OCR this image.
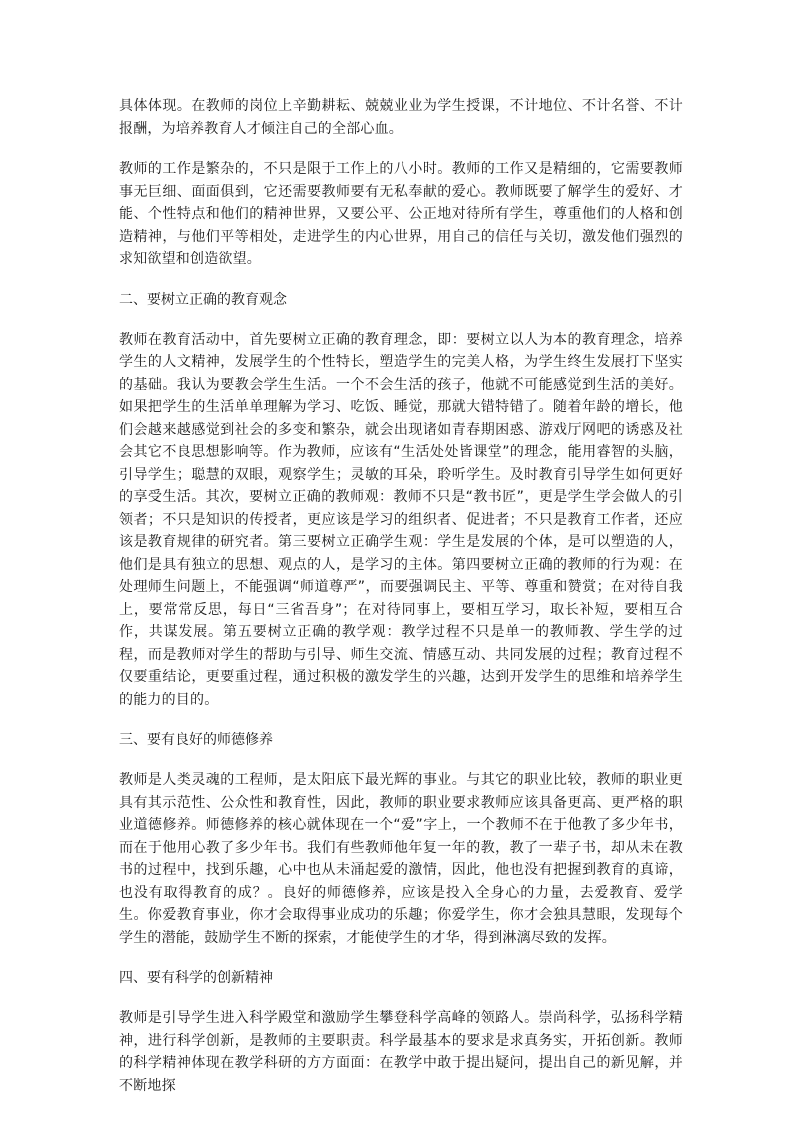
具体体现。在教师的岗位上辛勤耕耘、兢兢业业为学生授课，不计地位、不计名誉、不计报酬，为培养教育人才倾注自己的全部心血。

教师的工作是繁杂的，不只是限于工作上的八小时。教师的工作又是精细的，它需要教师事无巨细、面面俱到，它还需要教师要有无私奉献的爱心。教师既要了解学生的爱好、才能、个性特点和他们的精神世界，又要公平、公正地对待所有学生，尊重他们的人格和创造精神，与他们平等相处，走进学生的内心世界，用自己的信任与关切，激发他们强烈的求知欲望和创造欲望。

二、要树立正确的教育观念

教师在教育活动中，首先要树立正确的教育理念，即：要树立以人为本的教育理念，培养学生的人文精神，发展学生的个性特长，塑造学生的完美人格，为学生终生发展打下坚实的基础。我认为要教会学生生活。一个不会生活的孩子，他就不可能感觉到生活的美好。如果把学生的生活单单理解为学习、吃饭、睡觉，那就大错特错了。随着年龄的增长，他们会越来越感觉到社会的多变和繁杂，就会出现诸如青春期困惑、游戏厅网吧的诱惑及社会其它不良思想影响等。作为教师，应该有“生活处处皆课堂”的理念，能用睿智的头脑，引导学生；聪慧的双眼，观察学生；灵敏的耳朵，聆听学生。及时教育引导学生如何更好的享受生活。其次，要树立正确的教师观：教师不只是“教书匠”，更是学生学会做人的引领者；不只是知识的传授者，更应该是学习的组织者、促进者；不只是教育工作者，还应该是教育规律的研究者。第三要树立正确学生观：学生是发展的个体，是可以塑造的人，他们是具有独立的思想、观点的人，是学习的主体。第四要树立正确的教师的行为观：在处理师生问题上，不能强调“师道尊严”，而要强调民主、平等、尊重和赞赏；在对待自我上，要常常反思，每日“三省吾身”；在对待同事上，要相互学习，取长补短，要相互合作，共谋发展。第五要树立正确的教学观：教学过程不只是单一的教师教、学生学的过程，而是教师对学生的帮助与引导、师生交流、情感互动、共同发展的过程；教育过程不仅要重结论，更要重过程，通过积极的激发学生的兴趣，达到开发学生的思维和培养学生的能力的目的。

三、要有良好的师德修养

教师是人类灵魂的工程师，是太阳底下最光辉的事业。与其它的职业比较，教师的职业更具有其示范性、公众性和教育性，因此，教师的职业要求教师应该具备更高、更严格的职业道德修养。师德修养的核心就体现在一个“爱”字上，一个教师不在于他教了多少年书，而在于他用心教了多少年书。我们有些教师他年复一年的教，教了一辈子书，却从未在教书的过程中，找到乐趣，心中也从未涌起爱的激情，因此，他也没有把握到教育的真谛，也没有取得教育的成？。良好的师德修养，应该是投入全身心的力量，去爱教育、爱学生。你爱教育事业，你才会取得事业成功的乐趣；你爱学生，你才会独具慧眼，发现每个学生的潜能，鼓励学生不断的探索，才能使学生的才华，得到淋漓尽致的发挥。

四、要有科学的创新精神

教师是引导学生进入科学殿堂和激励学生攀登科学高峰的领路人。崇尚科学，弘扬科学精神，进行科学创新，是教师的主要职责。科学最基本的要求是求真务实，开拓创新。教师的科学精神体现在教学科研的方方面面：在教学中敢于提出疑问，提出自己的新见解，并不断地探
